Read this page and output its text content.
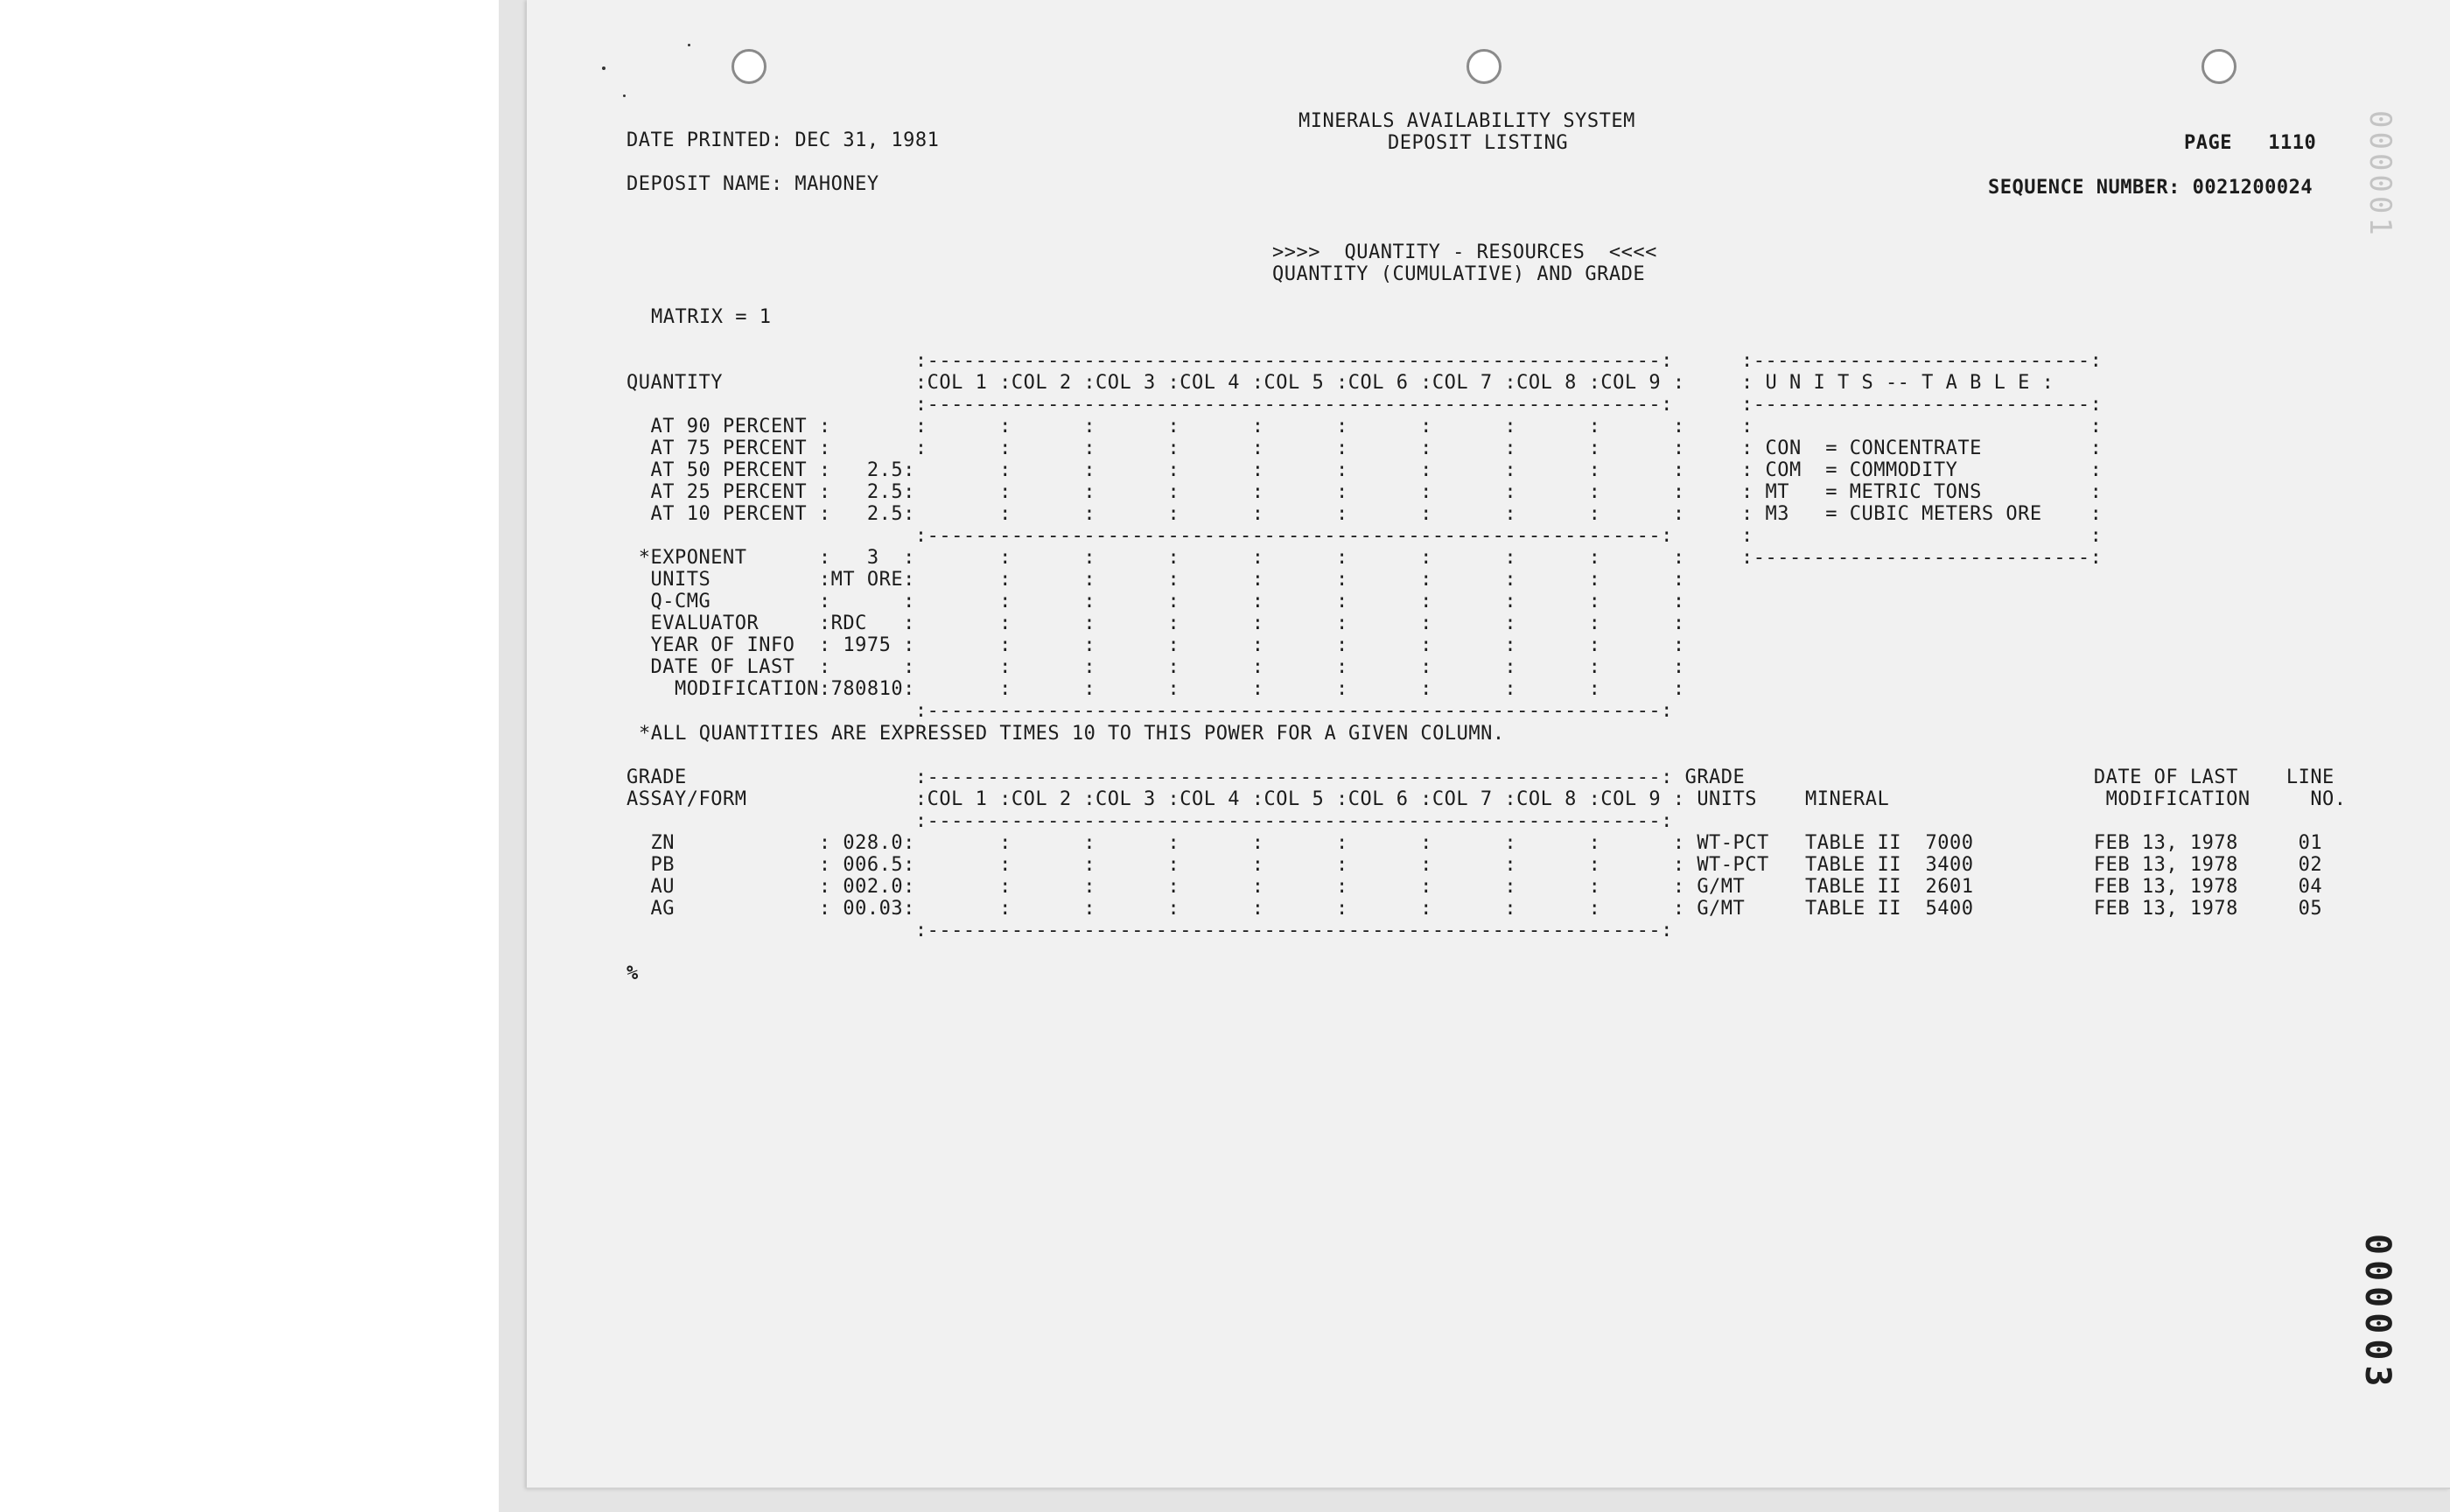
DATE PRINTED: DEC 31, 1981
MINERALS AVAILABILITY SYSTEM
DEPOSIT LISTING	PAGE   1110
DEPOSIT NAME: MAHONEY	SEQUENCE NUMBER: 0021200024
>>>>  QUANTITY - RESOURCES  <<<<
QUANTITY (CUMULATIVE) AND GRADE
MATRIX = 1
:-------------------------------------------------------------:
QUANTITY                :COL 1 :COL 2 :COL 3 :COL 4 :COL 5 :COL 6 :COL 7 :COL 8 :COL 9 :
:-------------------------------------------------------------:
AT 90 PERCENT :       :      :      :      :      :      :      :      :      :      :
AT 75 PERCENT :       :      :      :      :      :      :      :      :      :      :
AT 50 PERCENT :   2.5:       :      :      :      :      :      :      :      :      :
AT 25 PERCENT :   2.5:       :      :      :      :      :      :      :      :      :
AT 10 PERCENT :   2.5:       :      :      :      :      :      :      :      :      :
:-------------------------------------------------------------:
*EXPONENT      :   3  :       :      :      :      :      :      :      :      :      :
UNITS         :MT ORE:       :      :      :      :      :      :      :      :      :
Q-CMG         :      :       :      :      :      :      :      :      :      :      :
EVALUATOR     :RDC   :       :      :      :      :      :      :      :      :      :
YEAR OF INFO  : 1975 :       :      :      :      :      :      :      :      :      :
DATE OF LAST  :      :       :      :      :      :      :      :      :      :      :
MODIFICATION:780810:       :      :      :      :      :      :      :      :      :
:-------------------------------------------------------------:
:----------------------------:
: U N I T S -- T A B L E :
:----------------------------:
:                            :
: CON  = CONCENTRATE         :
: COM  = COMMODITY           :
: MT   = METRIC TONS         :
: M3   = CUBIC METERS ORE    :
:                            :
:----------------------------:
*ALL QUANTITIES ARE EXPRESSED TIMES 10 TO THIS POWER FOR A GIVEN COLUMN.
GRADE                   :-------------------------------------------------------------: GRADE                             DATE OF LAST    LINE
ASSAY/FORM              :COL 1 :COL 2 :COL 3 :COL 4 :COL 5 :COL 6 :COL 7 :COL 8 :COL 9 : UNITS    MINERAL                  MODIFICATION     NO.
:-------------------------------------------------------------:
ZN            : 028.0:       :      :      :      :      :      :      :      :      : WT-PCT   TABLE II  7000          FEB 13, 1978     01
PB            : 006.5:       :      :      :      :      :      :      :      :      : WT-PCT   TABLE II  3400          FEB 13, 1978     02
AU            : 002.0:       :      :      :      :      :      :      :      :      : G/MT     TABLE II  2601          FEB 13, 1978     04
AG            : 00.03:       :      :      :      :      :      :      :      :      : G/MT     TABLE II  5400          FEB 13, 1978     05
:-------------------------------------------------------------:
%
000001
000003
